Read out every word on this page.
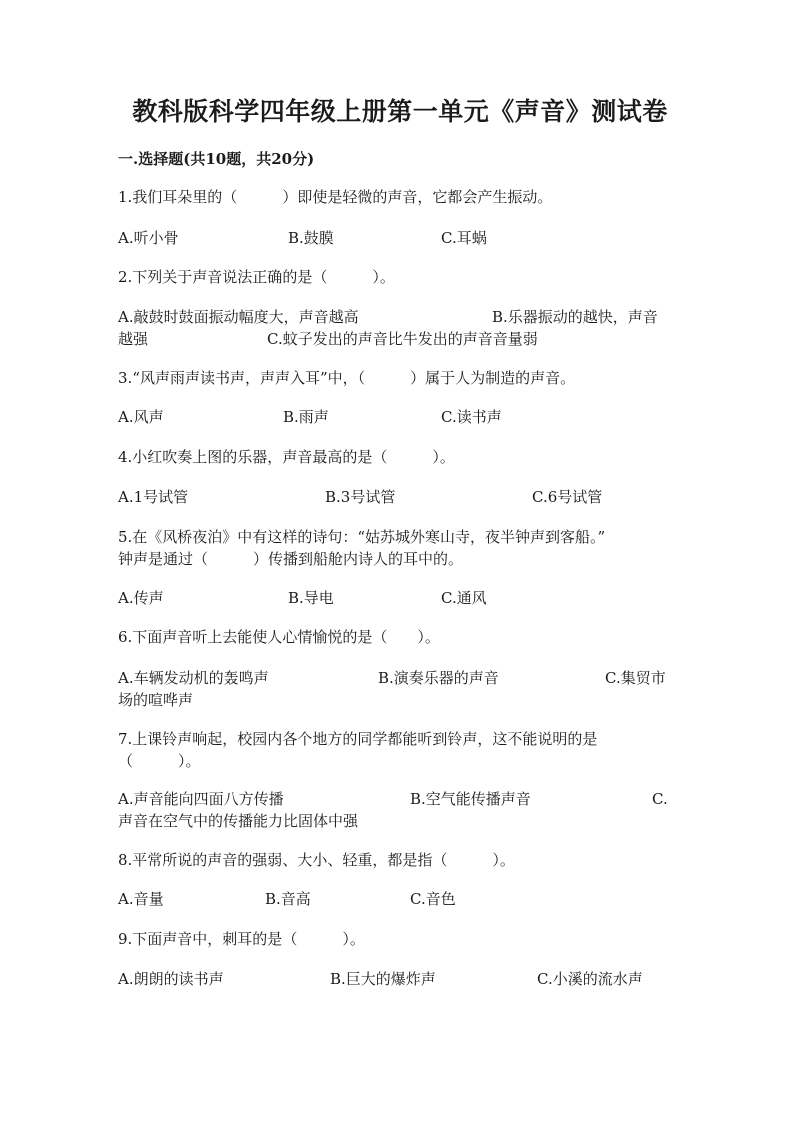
教科版科学四年级上册第一单元《声音》测试卷
一.选择题(共10题，共20分)
1.我们耳朵里的（　　　）即使是轻微的声音，它都会产生振动。
A.听小骨	B.鼓膜	C.耳蜗
2.下列关于声音说法正确的是（　　　）。
A.敲鼓时鼓面振动幅度大，声音越高	B.乐器振动的越快，声音
越强	C.蚊子发出的声音比牛发出的声音音量弱
3.“风声雨声读书声，声声入耳”中，（　　　）属于人为制造的声音。
A.风声	B.雨声	C.读书声
4.小红吹奏上图的乐器，声音最高的是（　　　）。
A.1号试管	B.3号试管	C.6号试管
5.在《风桥夜泊》中有这样的诗句：“姑苏城外寒山寺，夜半钟声到客船。”
钟声是通过（　　　）传播到船舱内诗人的耳中的。
A.传声	B.导电	C.通风
6.下面声音听上去能使人心情愉悦的是（　　）。
A.车辆发动机的轰鸣声	B.演奏乐器的声音	C.集贸市
场的喧哗声
7.上课铃声响起，校园内各个地方的同学都能听到铃声，这不能说明的是
（　　　）。
A.声音能向四面八方传播	B.空气能传播声音	C.
声音在空气中的传播能力比固体中强
8.平常所说的声音的强弱、大小、轻重，都是指（　　　）。
A.音量	B.音高	C.音色
9.下面声音中，刺耳的是（　　　）。
A.朗朗的读书声	B.巨大的爆炸声	C.小溪的流水声
